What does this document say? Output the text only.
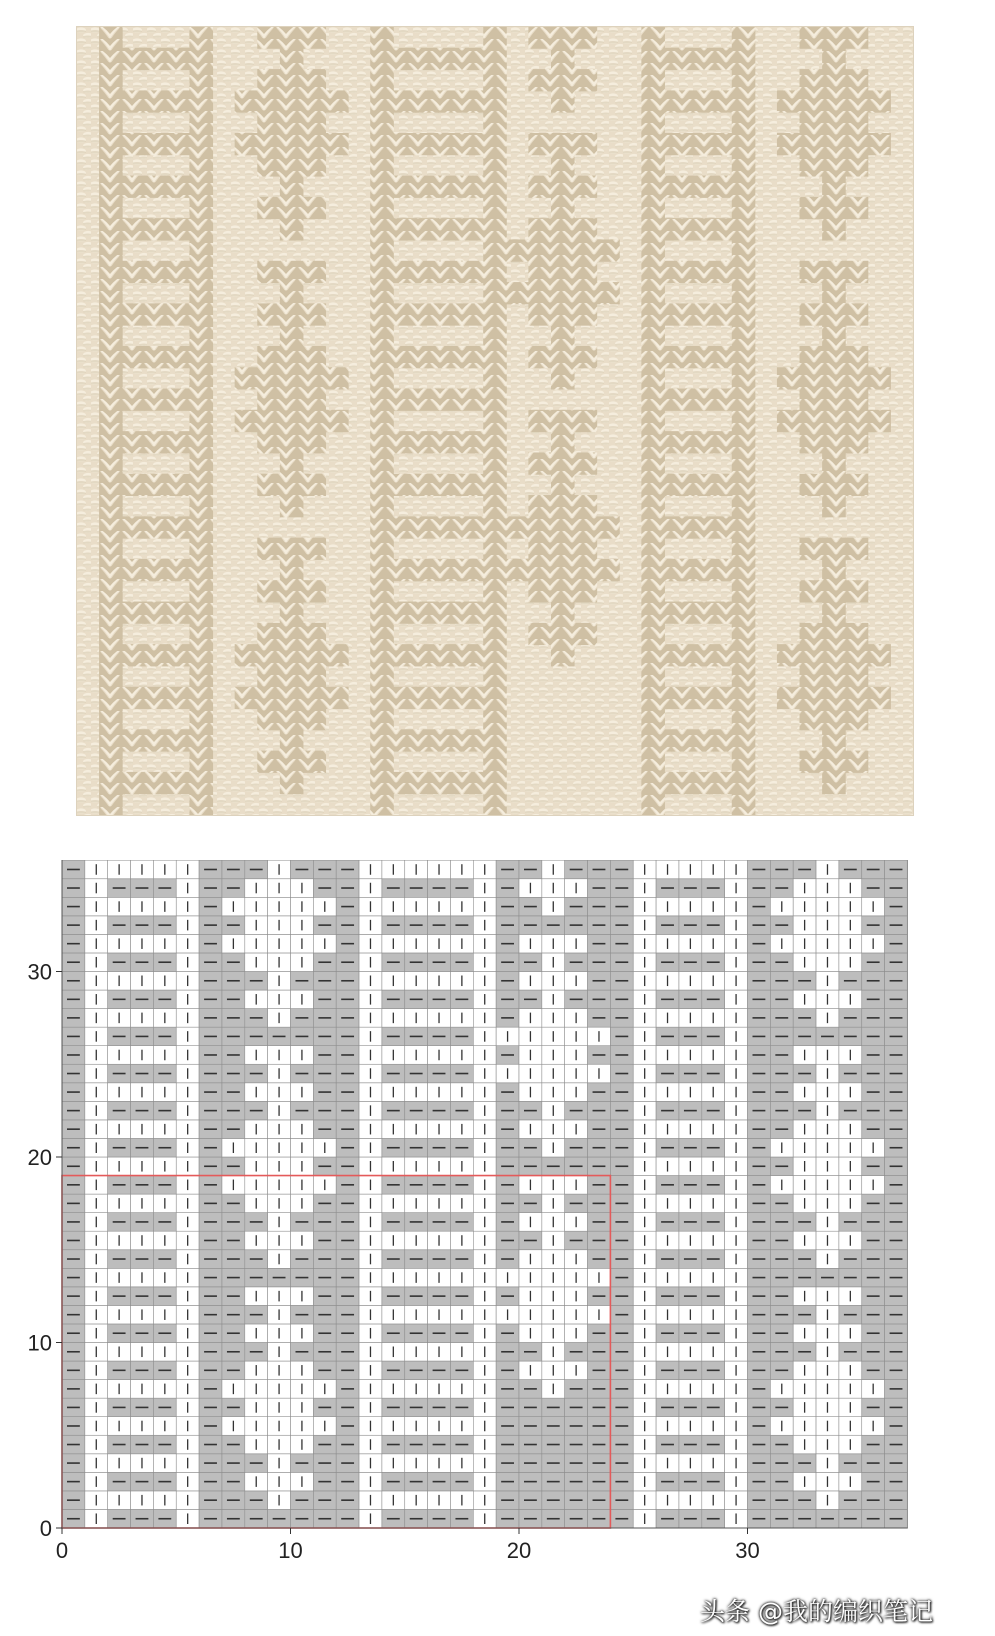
0
10
20
30
0	10	20	30
头条 @我的编织笔记
